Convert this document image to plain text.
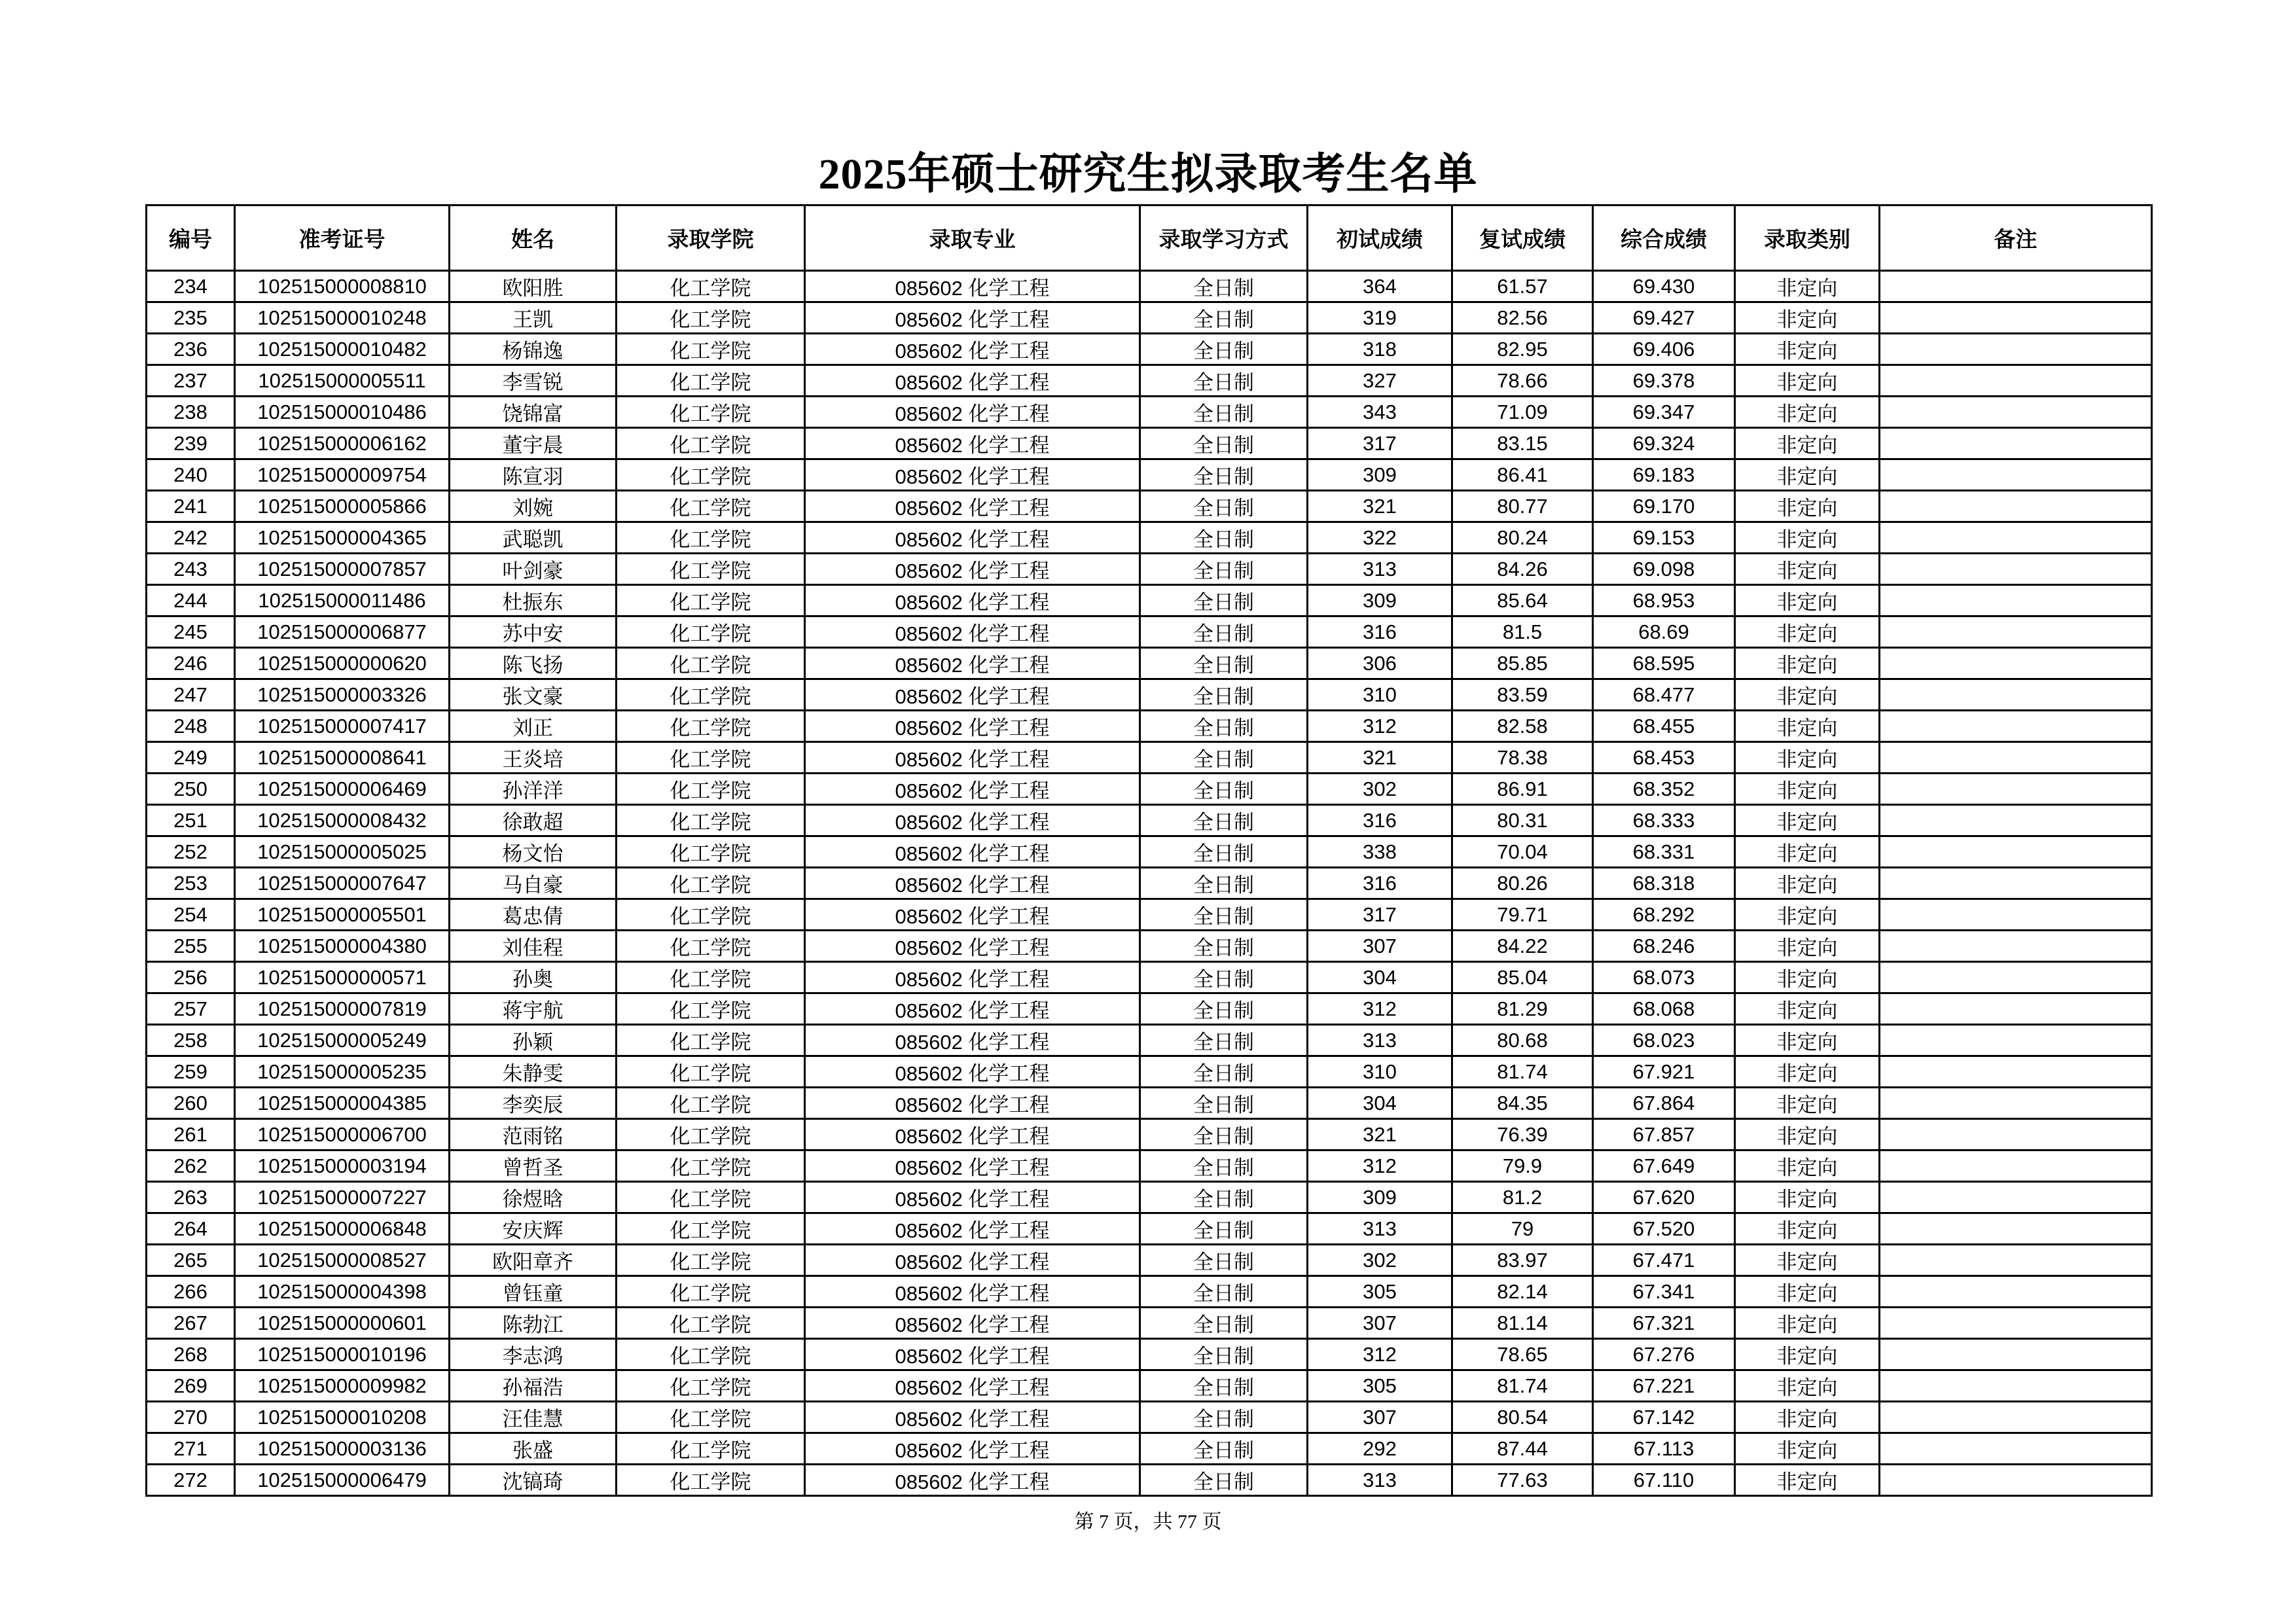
2025年硕士研究生拟录取考生名单
编号	准考证号	姓名	录取学院	录取专业	录取学习方式	初试成绩	复试成绩	综合成绩	录取类别	备注
234	102515000008810	欧阳胜	化工学院	085602 化学工程	全日制	364	61.57	69.430	非定向	
235	102515000010248	王凯	化工学院	085602 化学工程	全日制	319	82.56	69.427	非定向	
236	102515000010482	杨锦逸	化工学院	085602 化学工程	全日制	318	82.95	69.406	非定向	
237	102515000005511	李雪锐	化工学院	085602 化学工程	全日制	327	78.66	69.378	非定向	
238	102515000010486	饶锦富	化工学院	085602 化学工程	全日制	343	71.09	69.347	非定向	
239	102515000006162	董宇晨	化工学院	085602 化学工程	全日制	317	83.15	69.324	非定向	
240	102515000009754	陈宣羽	化工学院	085602 化学工程	全日制	309	86.41	69.183	非定向	
241	102515000005866	刘婉	化工学院	085602 化学工程	全日制	321	80.77	69.170	非定向	
242	102515000004365	武聪凯	化工学院	085602 化学工程	全日制	322	80.24	69.153	非定向	
243	102515000007857	叶剑豪	化工学院	085602 化学工程	全日制	313	84.26	69.098	非定向	
244	102515000011486	杜振东	化工学院	085602 化学工程	全日制	309	85.64	68.953	非定向	
245	102515000006877	苏中安	化工学院	085602 化学工程	全日制	316	81.5	68.69	非定向	
246	102515000000620	陈飞扬	化工学院	085602 化学工程	全日制	306	85.85	68.595	非定向	
247	102515000003326	张文豪	化工学院	085602 化学工程	全日制	310	83.59	68.477	非定向	
248	102515000007417	刘正	化工学院	085602 化学工程	全日制	312	82.58	68.455	非定向	
249	102515000008641	王炎培	化工学院	085602 化学工程	全日制	321	78.38	68.453	非定向	
250	102515000006469	孙洋洋	化工学院	085602 化学工程	全日制	302	86.91	68.352	非定向	
251	102515000008432	徐敢超	化工学院	085602 化学工程	全日制	316	80.31	68.333	非定向	
252	102515000005025	杨文怡	化工学院	085602 化学工程	全日制	338	70.04	68.331	非定向	
253	102515000007647	马自豪	化工学院	085602 化学工程	全日制	316	80.26	68.318	非定向	
254	102515000005501	葛忠倩	化工学院	085602 化学工程	全日制	317	79.71	68.292	非定向	
255	102515000004380	刘佳程	化工学院	085602 化学工程	全日制	307	84.22	68.246	非定向	
256	102515000000571	孙奥	化工学院	085602 化学工程	全日制	304	85.04	68.073	非定向	
257	102515000007819	蒋宇航	化工学院	085602 化学工程	全日制	312	81.29	68.068	非定向	
258	102515000005249	孙颖	化工学院	085602 化学工程	全日制	313	80.68	68.023	非定向	
259	102515000005235	朱静雯	化工学院	085602 化学工程	全日制	310	81.74	67.921	非定向	
260	102515000004385	李奕辰	化工学院	085602 化学工程	全日制	304	84.35	67.864	非定向	
261	102515000006700	范雨铭	化工学院	085602 化学工程	全日制	321	76.39	67.857	非定向	
262	102515000003194	曾哲圣	化工学院	085602 化学工程	全日制	312	79.9	67.649	非定向	
263	102515000007227	徐煜晗	化工学院	085602 化学工程	全日制	309	81.2	67.620	非定向	
264	102515000006848	安庆辉	化工学院	085602 化学工程	全日制	313	79	67.520	非定向	
265	102515000008527	欧阳章齐	化工学院	085602 化学工程	全日制	302	83.97	67.471	非定向	
266	102515000004398	曾钰童	化工学院	085602 化学工程	全日制	305	82.14	67.341	非定向	
267	102515000000601	陈勃江	化工学院	085602 化学工程	全日制	307	81.14	67.321	非定向	
268	102515000010196	李志鸿	化工学院	085602 化学工程	全日制	312	78.65	67.276	非定向	
269	102515000009982	孙福浩	化工学院	085602 化学工程	全日制	305	81.74	67.221	非定向	
270	102515000010208	汪佳慧	化工学院	085602 化学工程	全日制	307	80.54	67.142	非定向	
271	102515000003136	张盛	化工学院	085602 化学工程	全日制	292	87.44	67.113	非定向	
272	102515000006479	沈镐琦	化工学院	085602 化学工程	全日制	313	77.63	67.110	非定向	
第 7 页，共 77 页
